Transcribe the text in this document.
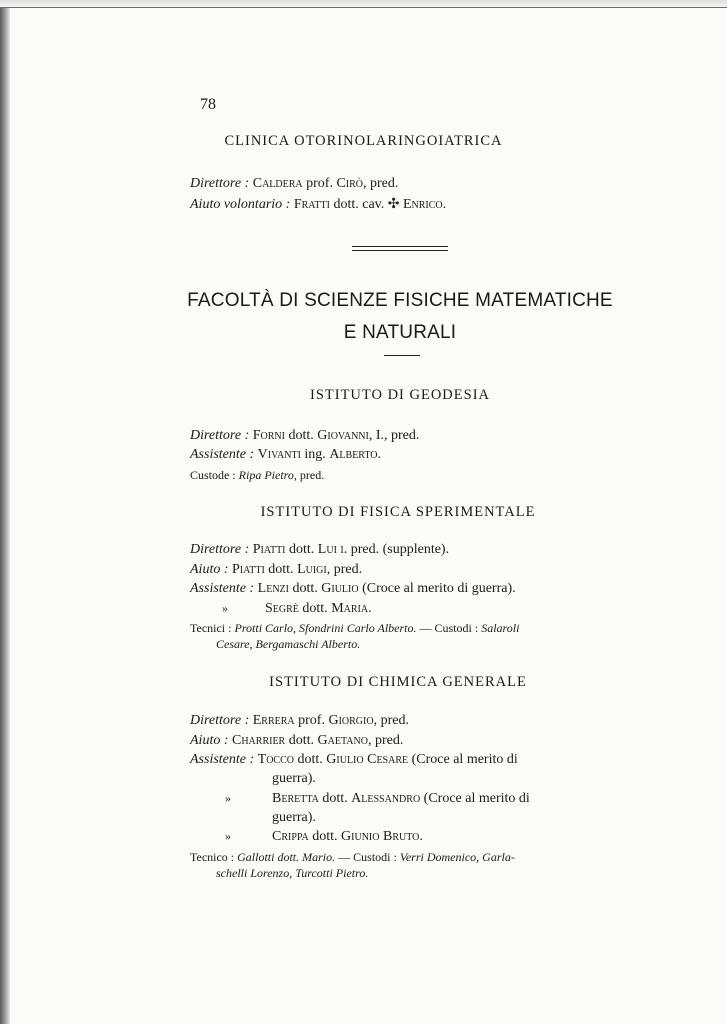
78
CLINICA OTORINOLARINGOIATRICA
Direttore : Caldera prof. Cirò, pred.
Aiuto volontario : Fratti dott. cav. ✣ Enrico.
FACOLTÀ DI SCIENZE FISICHE MATEMATICHE
E NATURALI
ISTITUTO DI GEODESIA
Direttore : Forni dott. Giovanni, I., pred.
Assistente : Vivanti ing. Alberto.
Custode : Ripa Pietro, pred.
ISTITUTO DI FISICA SPERIMENTALE
Direttore : Piatti dott. Lui i. pred. (supplente).
Aiuto : Piatti dott. Luigi, pred.
Assistente : Lenzi dott. Giulio (Croce al merito di guerra).
»	Segrè dott. Maria.
Tecnici : Protti Carlo, Sfondrini Carlo Alberto. — Custodi : Salaroli
Cesare, Bergamaschi Alberto.
ISTITUTO DI CHIMICA GENERALE
Direttore : Errera prof. Giorgio, pred.
Aiuto : Charrier dott. Gaetano, pred.
Assistente : Tocco dott. Giulio Cesare (Croce al merito di
guerra).
»	Beretta dott. Alessandro (Croce al merito di
guerra).
»	Crippa dott. Giunio Bruto.
Tecnico : Gallotti dott. Mario. — Custodi : Verri Domenico, Garla-
schelli Lorenzo, Turcotti Pietro.
